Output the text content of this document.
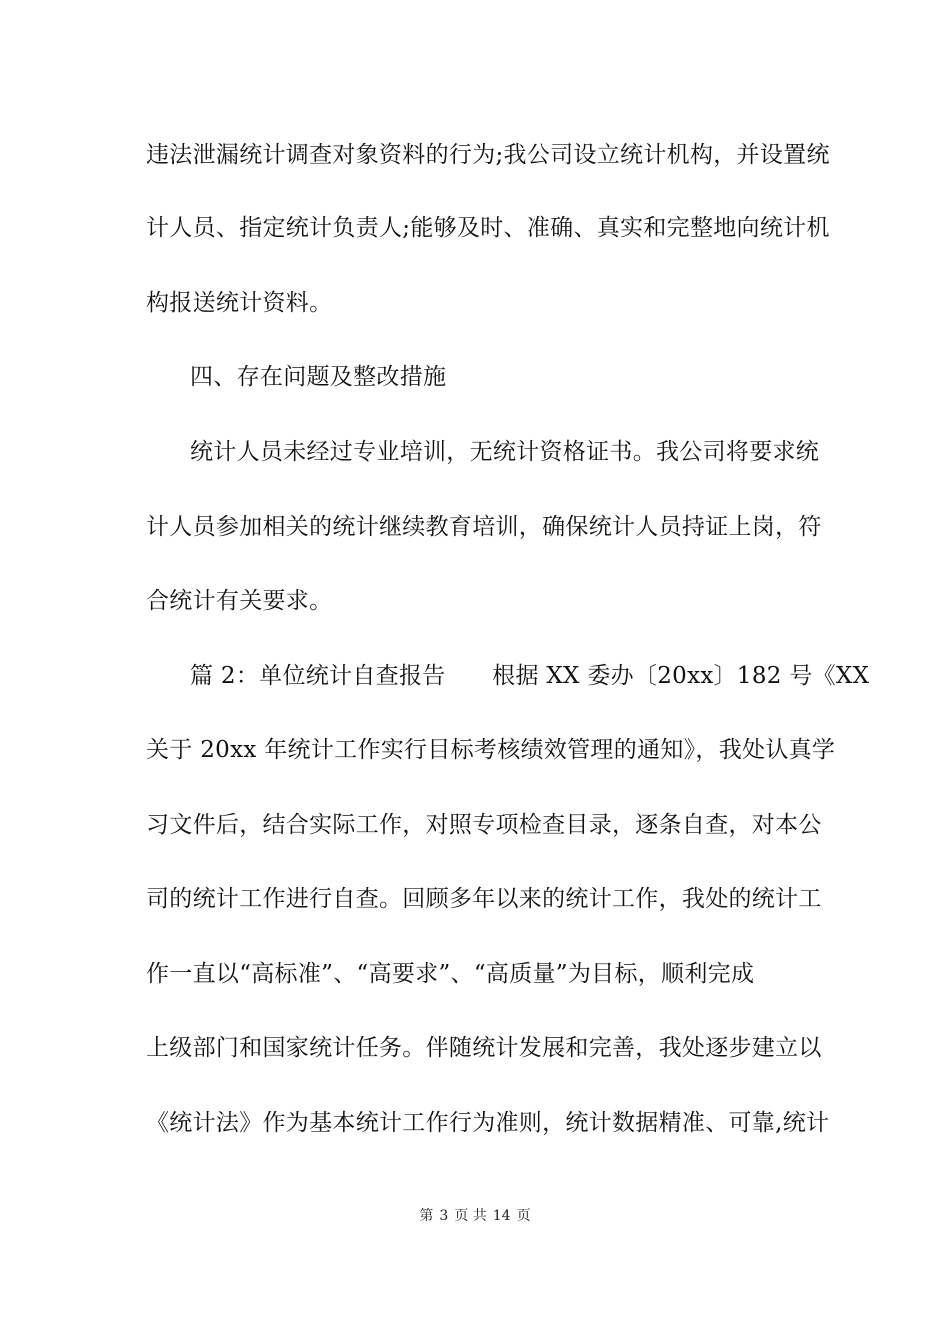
违法泄漏统计调查对象资料的行为;我公司设立统计机构，并设置统
计人员、指定统计负责人;能够及时、准确、真实和完整地向统计机
构报送统计资料。
四、存在问题及整改措施
统计人员未经过专业培训，无统计资格证书。我公司将要求统
计人员参加相关的统计继续教育培训，确保统计人员持证上岗，符
合统计有关要求。
篇 2：单位统计自查报告　　根据 XX 委办〔20xx〕182 号《XX
关于 20xx 年统计工作实行目标考核绩效管理的通知》，我处认真学
习文件后，结合实际工作，对照专项检查目录，逐条自查，对本公
司的统计工作进行自查。回顾多年以来的统计工作，我处的统计工
作一直以“高标准”、“高要求”、“高质量”为目标，顺利完成
上级部门和国家统计任务。伴随统计发展和完善，我处逐步建立以
《统计法》作为基本统计工作行为准则，统计数据精准、可靠,统计
第 3 页 共 14 页
